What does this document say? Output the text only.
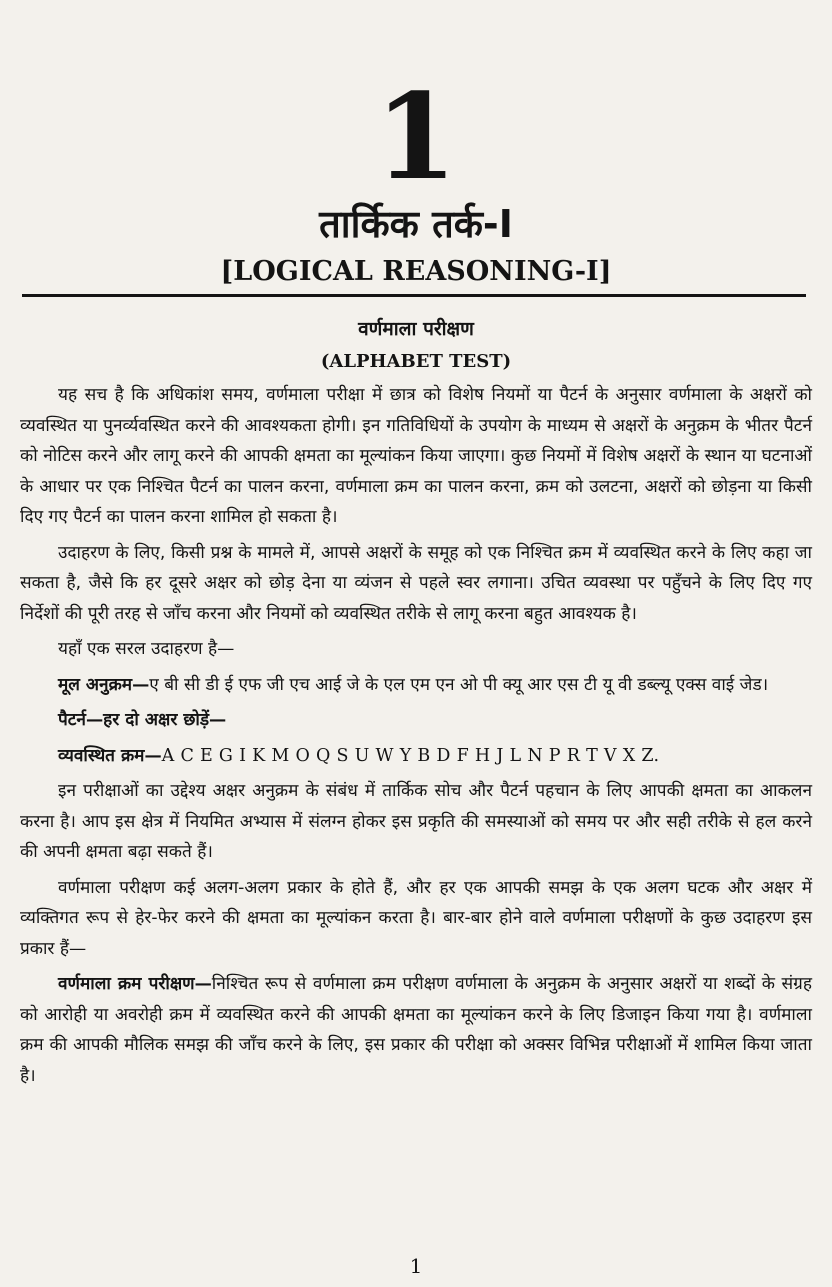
1
तार्किक तर्क-I
[LOGICAL REASONING-I]
वर्णमाला परीक्षण
(ALPHABET TEST)

यह सच है कि अधिकांश समय, वर्णमाला परीक्षा में छात्र को विशेष नियमों या पैटर्न के अनुसार वर्णमाला के अक्षरों को व्यवस्थित या पुनर्व्यवस्थित करने की आवश्यकता होगी। इन गतिविधियों के उपयोग के माध्यम से अक्षरों के अनुक्रम के भीतर पैटर्न को नोटिस करने और लागू करने की आपकी क्षमता का मूल्यांकन किया जाएगा। कुछ नियमों में विशेष अक्षरों के स्थान या घटनाओं के आधार पर एक निश्चित पैटर्न का पालन करना, वर्णमाला क्रम का पालन करना, क्रम को उलटना, अक्षरों को छोड़ना या किसी दिए गए पैटर्न का पालन करना शामिल हो सकता है।

उदाहरण के लिए, किसी प्रश्न के मामले में, आपसे अक्षरों के समूह को एक निश्चित क्रम में व्यवस्थित करने के लिए कहा जा सकता है, जैसे कि हर दूसरे अक्षर को छोड़ देना या व्यंजन से पहले स्वर लगाना। उचित व्यवस्था पर पहुँचने के लिए दिए गए निर्देशों की पूरी तरह से जाँच करना और नियमों को व्यवस्थित तरीके से लागू करना बहुत आवश्यक है।

यहाँ एक सरल उदाहरण है—

मूल अनुक्रम—ए बी सी डी ई एफ जी एच आई जे के एल एम एन ओ पी क्यू आर एस टी यू वी डब्ल्यू एक्स वाई जेड।

पैटर्न—हर दो अक्षर छोड़ें—

व्यवस्थित क्रम—A C E G I K M O Q S U W Y B D F H J L N P R T V X Z.

इन परीक्षाओं का उद्देश्य अक्षर अनुक्रम के संबंध में तार्किक सोच और पैटर्न पहचान के लिए आपकी क्षमता का आकलन करना है। आप इस क्षेत्र में नियमित अभ्यास में संलग्न होकर इस प्रकृति की समस्याओं को समय पर और सही तरीके से हल करने की अपनी क्षमता बढ़ा सकते हैं।

वर्णमाला परीक्षण कई अलग-अलग प्रकार के होते हैं, और हर एक आपकी समझ के एक अलग घटक और अक्षर में व्यक्तिगत रूप से हेर-फेर करने की क्षमता का मूल्यांकन करता है। बार-बार होने वाले वर्णमाला परीक्षणों के कुछ उदाहरण इस प्रकार हैं—

वर्णमाला क्रम परीक्षण—निश्चित रूप से वर्णमाला क्रम परीक्षण वर्णमाला के अनुक्रम के अनुसार अक्षरों या शब्दों के संग्रह को आरोही या अवरोही क्रम में व्यवस्थित करने की आपकी क्षमता का मूल्यांकन करने के लिए डिजाइन किया गया है। वर्णमाला क्रम की आपकी मौलिक समझ की जाँच करने के लिए, इस प्रकार की परीक्षा को अक्सर विभिन्न परीक्षाओं में शामिल किया जाता है।

1
